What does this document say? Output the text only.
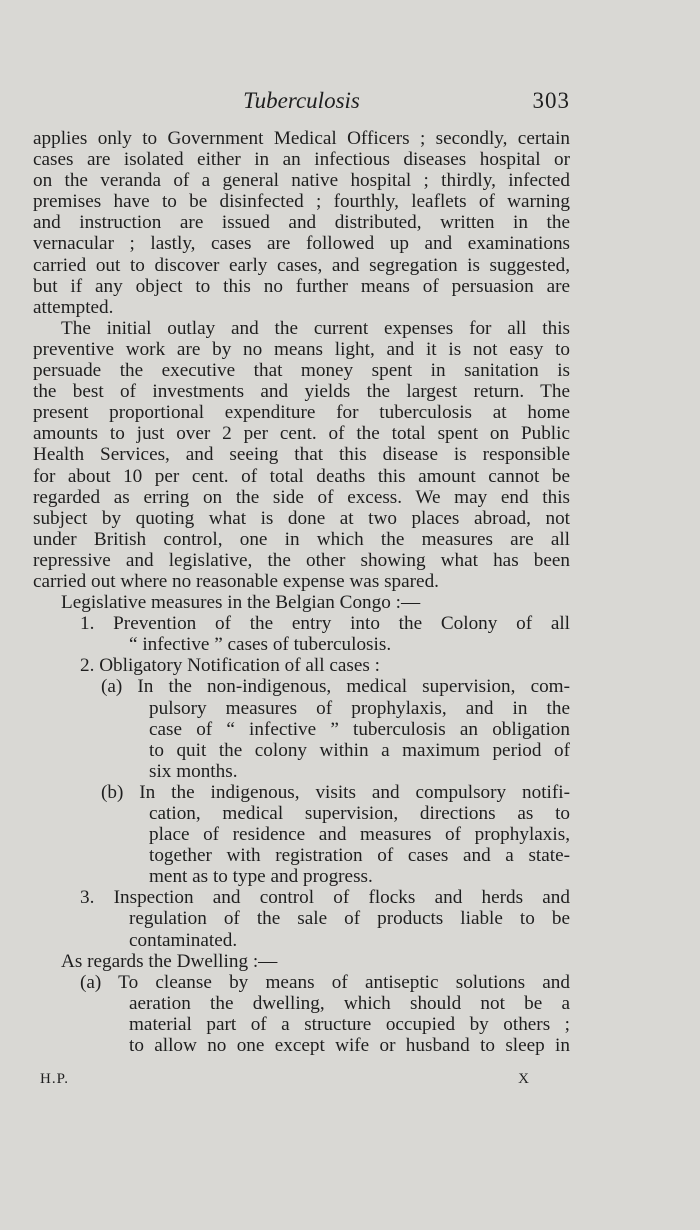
Tuberculosis	303
applies only to Government Medical Officers ; secondly, certain
cases are isolated either in an infectious diseases hospital or
on the veranda of a general native hospital ; thirdly, infected
premises have to be disinfected ; fourthly, leaflets of warning
and instruction are issued and distributed, written in the
vernacular ; lastly, cases are followed up and examinations
carried out to discover early cases, and segregation is suggested,
but if any object to this no further means of persuasion are
attempted.
The initial outlay and the current expenses for all this
preventive work are by no means light, and it is not easy to
persuade the executive that money spent in sanitation is
the best of investments and yields the largest return. The
present proportional expenditure for tuberculosis at home
amounts to just over 2 per cent. of the total spent on Public
Health Services, and seeing that this disease is responsible
for about 10 per cent. of total deaths this amount cannot be
regarded as erring on the side of excess. We may end this
subject by quoting what is done at two places abroad, not
under British control, one in which the measures are all
repressive and legislative, the other showing what has been
carried out where no reasonable expense was spared.
Legislative measures in the Belgian Congo :—
1. Prevention of the entry into the Colony of all
“ infective ” cases of tuberculosis.
2. Obligatory Notification of all cases :
(a) In the non-indigenous, medical supervision, com-
pulsory measures of prophylaxis, and in the
case of “ infective ” tuberculosis an obligation
to quit the colony within a maximum period of
six months.
(b) In the indigenous, visits and compulsory notifi-
cation, medical supervision, directions as to
place of residence and measures of prophylaxis,
together with registration of cases and a state-
ment as to type and progress.
3. Inspection and control of flocks and herds and
regulation of the sale of products liable to be
contaminated.
As regards the Dwelling :—
(a) To cleanse by means of antiseptic solutions and
aeration the dwelling, which should not be a
material part of a structure occupied by others ;
to allow no one except wife or husband to sleep in
H.P.	X
